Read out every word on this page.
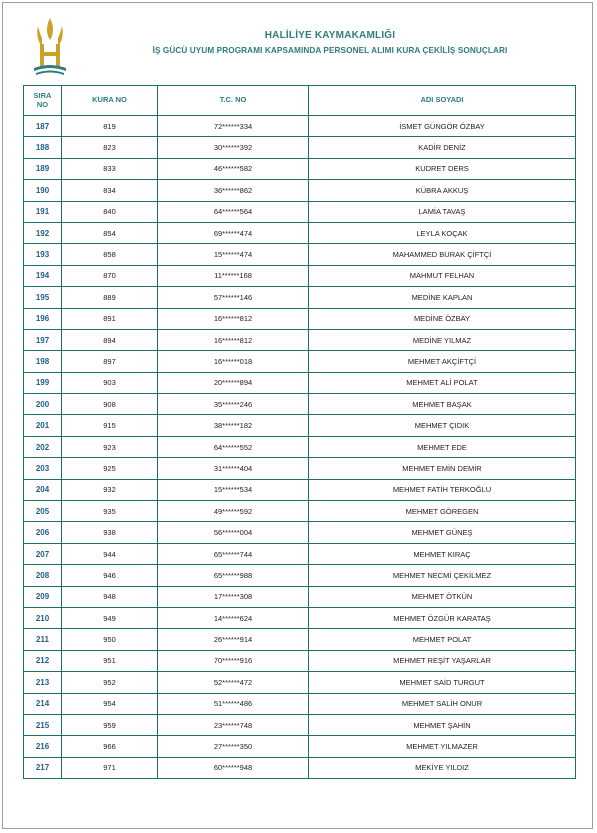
HALİLİYE KAYMAKAMLIĞI
İŞ GÜCÜ UYUM PROGRAMI KAPSAMINDA PERSONEL ALIMI KURA ÇEKİLİŞ SONUÇLARI
SIRA
NO	KURA NO	T.C. NO	ADI SOYADI
187	819	72******334	İSMET GÜNGÖR ÖZBAY
188	823	30******392	KADİR DENİZ
189	833	46******582	KUDRET DERS
190	834	36******862	KÜBRA AKKUŞ
191	840	64******564	LAMİA TAVAŞ
192	854	69******474	LEYLA KOÇAK
193	858	15******474	MAHAMMED BURAK ÇİFTÇİ
194	870	11******168	MAHMUT FELHAN
195	889	57******146	MEDİNE KAPLAN
196	891	16******812	MEDİNE ÖZBAY
197	894	16******812	MEDİNE YILMAZ
198	897	16******018	MEHMET AKÇİFTÇİ
199	903	20******894	MEHMET ALİ POLAT
200	908	35******246	MEHMET BAŞAK
201	915	38******182	MEHMET ÇIDIK
202	923	64******552	MEHMET EDE
203	925	31******404	MEHMET EMİN DEMİR
204	932	15******534	MEHMET FATİH TERKOĞLU
205	935	49******592	MEHMET GÖREGEN
206	938	56******004	MEHMET GÜNEŞ
207	944	65******744	MEHMET KIRAÇ
208	946	65******988	MEHMET NECMİ ÇEKİLMEZ
209	948	17******308	MEHMET ÖTKÜN
210	949	14******624	MEHMET ÖZGÜR KARATAŞ
211	950	26******914	MEHMET POLAT
212	951	70******916	MEHMET REŞİT YAŞARLAR
213	952	52******472	MEHMET SAİD TURGUT
214	954	51******486	MEHMET SALİH ONUR
215	959	23******748	MEHMET ŞAHİN
216	966	27******350	MEHMET YILMAZER
217	971	60******948	MEKİYE YILDIZ
